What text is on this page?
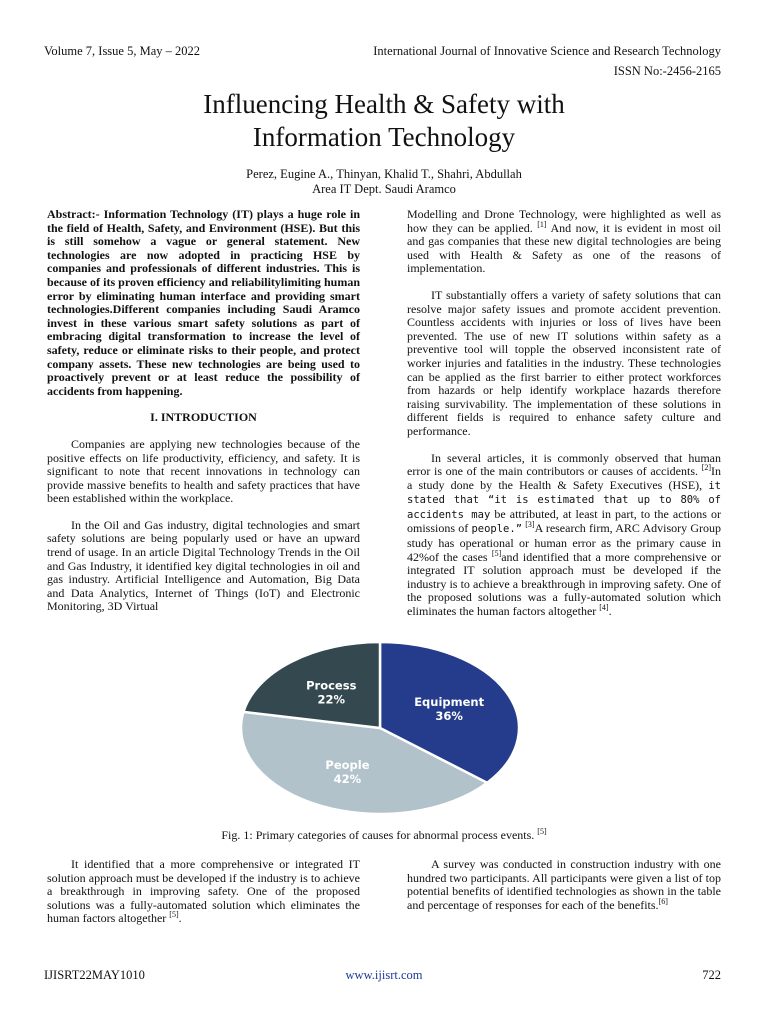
Volume 7, Issue 5, May – 2022	International Journal of Innovative Science and Research Technology
ISSN No:-2456-2165
Influencing Health & Safety with
Information Technology
Perez, Eugine A., Thinyan, Khalid T., Shahri, Abdullah
Area IT Dept. Saudi Aramco

Abstract:- Information Technology (IT) plays a huge role in the field of Health, Safety, and Environment (HSE). But this is still somehow a vague or general statement. New technologies are now adopted in practicing HSE by companies and professionals of different industries. This is because of its proven efficiency and reliabilitylimiting human error by eliminating human interface and providing smart technologies.Different companies including Saudi Aramco invest in these various smart safety solutions as part of embracing digital transformation to increase the level of safety, reduce or eliminate risks to their people, and protect company assets. These new technologies are being used to proactively prevent or at least reduce the possibility of accidents from happening.

I. INTRODUCTION

Companies are applying new technologies because of the positive effects on life productivity, efficiency, and safety. It is significant to note that recent innovations in technology can provide massive benefits to health and safety practices that have been established within the workplace.

In the Oil and Gas industry, digital technologies and smart safety solutions are being popularly used or have an upward trend of usage. In an article Digital Technology Trends in the Oil and Gas Industry, it identified key digital technologies in oil and gas industry. Artificial Intelligence and Automation, Big Data and Data Analytics, Internet of Things (IoT) and Electronic Monitoring, 3D Virtual

Modelling and Drone Technology, were highlighted as well as how they can be applied. [1] And now, it is evident in most oil and gas companies that these new digital technologies are being used with Health & Safety as one of the reasons of implementation.

IT substantially offers a variety of safety solutions that can resolve major safety issues and promote accident prevention. Countless accidents with injuries or loss of lives have been prevented. The use of new IT solutions within safety as a preventive tool will topple the observed inconsistent rate of worker injuries and fatalities in the industry. These technologies can be applied as the first barrier to either protect workforces from hazards or help identify workplace hazards therefore raising survivability. The implementation of these solutions in different fields is required to enhance safety culture and performance.

In several articles, it is commonly observed that human error is one of the main contributors or causes of accidents. [2]In a study done by the Health & Safety Executives (HSE), it stated that “it is estimated that up to 80% of accidents may be attributed, at least in part, to the actions or omissions of people.” [3]A research firm, ARC Advisory Group study has operational or human error as the primary cause in 42%of the cases [5]and identified that a more comprehensive or integrated IT solution approach must be developed if the industry is to achieve a breakthrough in improving safety. One of the proposed solutions was a fully-automated solution which eliminates the human factors altogether [4].

Equipment
36%
People
42%
Process
22%
Fig. 1: Primary categories of causes for abnormal process events. [5]

It identified that a more comprehensive or integrated IT solution approach must be developed if the industry is to achieve a breakthrough in improving safety. One of the proposed solutions was a fully-automated solution which eliminates the human factors altogether [5].

A survey was conducted in construction industry with one hundred two participants. All participants were given a list of top potential benefits of identified technologies as shown in the table and percentage of responses for each of the benefits.[6]

IJISRT22MAY1010	www.ijisrt.com	722
